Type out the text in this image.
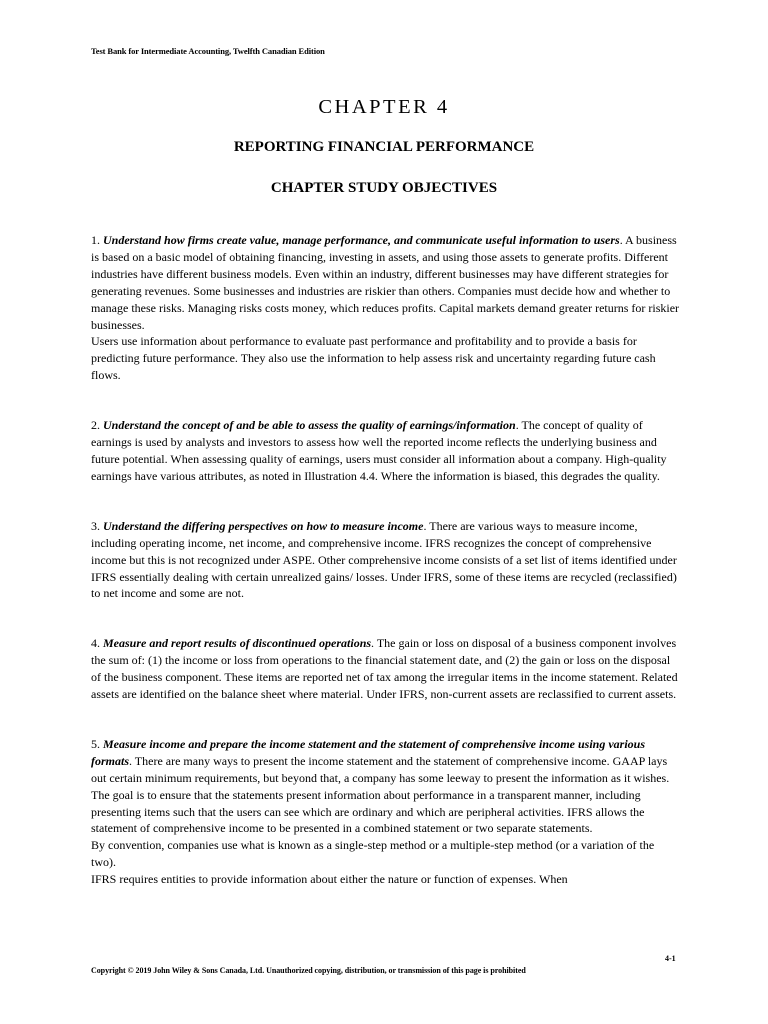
Test Bank for Intermediate Accounting, Twelfth Canadian Edition
CHAPTER 4
REPORTING FINANCIAL PERFORMANCE
CHAPTER STUDY OBJECTIVES

1. Understand how firms create value, manage performance, and communicate useful information to users. A business is based on a basic model of obtaining financing, investing in assets, and using those assets to generate profits. Different industries have different business models. Even within an industry, different businesses may have different strategies for generating revenues. Some businesses and industries are riskier than others. Companies must decide how and whether to manage these risks. Managing risks costs money, which reduces profits. Capital markets demand greater returns for riskier businesses.
Users use information about performance to evaluate past performance and profitability and to provide a basis for predicting future performance. They also use the information to help assess risk and uncertainty regarding future cash flows.

2. Understand the concept of and be able to assess the quality of earnings/information. The concept of quality of earnings is used by analysts and investors to assess how well the reported income reflects the underlying business and future potential. When assessing quality of earnings, users must consider all information about a company. High-quality earnings have various attributes, as noted in Illustration 4.4. Where the information is biased, this degrades the quality.

3. Understand the differing perspectives on how to measure income. There are various ways to measure income, including operating income, net income, and comprehensive income. IFRS recognizes the concept of comprehensive income but this is not recognized under ASPE. Other comprehensive income consists of a set list of items identified under IFRS essentially dealing with certain unrealized gains/ losses. Under IFRS, some of these items are recycled (reclassified) to net income and some are not.

4. Measure and report results of discontinued operations. The gain or loss on disposal of a business component involves the sum of: (1) the income or loss from operations to the financial statement date, and (2) the gain or loss on the disposal of the business component. These items are reported net of tax among the irregular items in the income statement. Related assets are identified on the balance sheet where material. Under IFRS, non-current assets are reclassified to current assets.

5. Measure income and prepare the income statement and the statement of comprehensive income using various formats. There are many ways to present the income statement and the statement of comprehensive income. GAAP lays out certain minimum requirements, but beyond that, a company has some leeway to present the information as it wishes. The goal is to ensure that the statements present information about performance in a transparent manner, including presenting items such that the users can see which are ordinary and which are peripheral activities. IFRS allows the statement of comprehensive income to be presented in a combined statement or two separate statements.
By convention, companies use what is known as a single-step method or a multiple-step method (or a variation of the two).
IFRS requires entities to provide information about either the nature or function of expenses. When

4-1
Copyright © 2019 John Wiley & Sons Canada, Ltd. Unauthorized copying, distribution, or transmission of this page is prohibited
